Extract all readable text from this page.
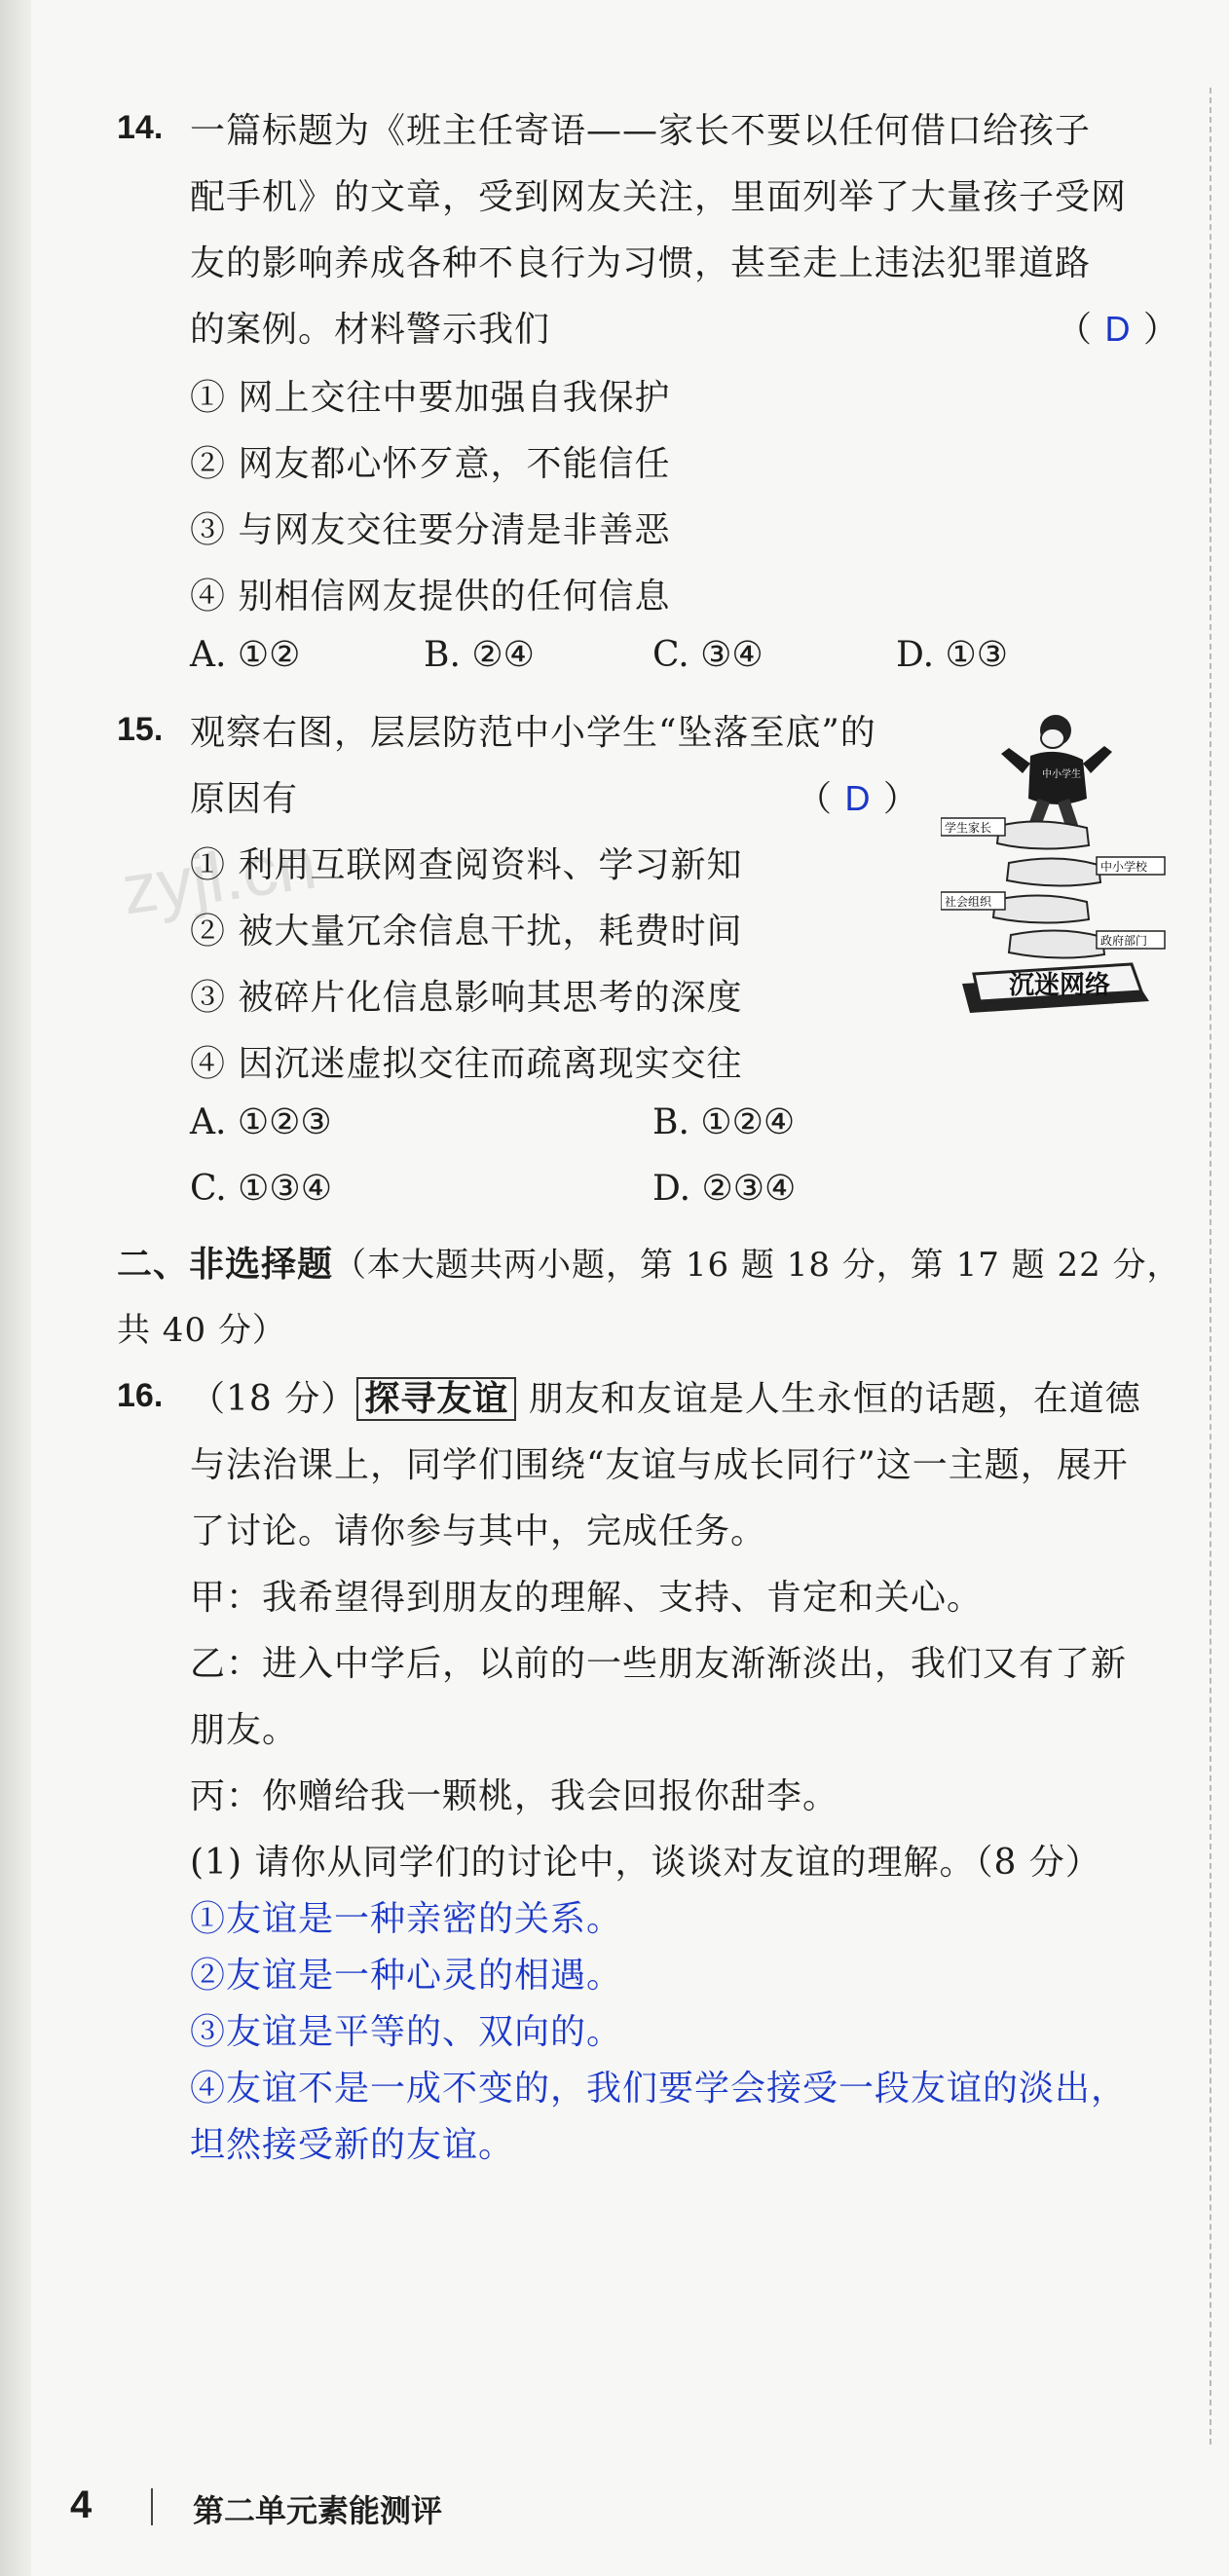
zyjl.cn
14. 一篇标题为《班主任寄语——家长不要以任何借口给孩子
配手机》的文章，受到网友关注，里面列举了大量孩子受网
友的影响养成各种不良行为习惯，甚至走上违法犯罪道路
的案例。材料警示我们	（ D ）
① 网上交往中要加强自我保护
② 网友都心怀歹意，不能信任
③ 与网友交往要分清是非善恶
④ 别相信网友提供的任何信息
A. ①②	B. ②④	C. ③④	D. ①③
15. 观察右图，层层防范中小学生“坠落至底”的
原因有	（ D ）
① 利用互联网查阅资料、学习新知
② 被大量冗余信息干扰，耗费时间
③ 被碎片化信息影响其思考的深度
④ 因沉迷虚拟交往而疏离现实交往
A. ①②③	B. ①②④
C. ①③④	D. ②③④
中小学生
学生家长
中小学校
社会组织
政府部门
沉迷网络
二、非选择题（本大题共两小题，第 16 题 18 分，第 17 题 22 分，
共 40 分）
16. （18 分） 探寻友谊 朋友和友谊是人生永恒的话题，在道德
与法治课上，同学们围绕“友谊与成长同行”这一主题，展开
了讨论。请你参与其中，完成任务。
甲：我希望得到朋友的理解、支持、肯定和关心。
乙：进入中学后，以前的一些朋友渐渐淡出，我们又有了新
朋友。
丙：你赠给我一颗桃，我会回报你甜李。
(1) 请你从同学们的讨论中，谈谈对友谊的理解。（8 分）
①友谊是一种亲密的关系。
②友谊是一种心灵的相遇。
③友谊是平等的、双向的。
④友谊不是一成不变的，我们要学会接受一段友谊的淡出，
坦然接受新的友谊。
4	第二单元素能测评
